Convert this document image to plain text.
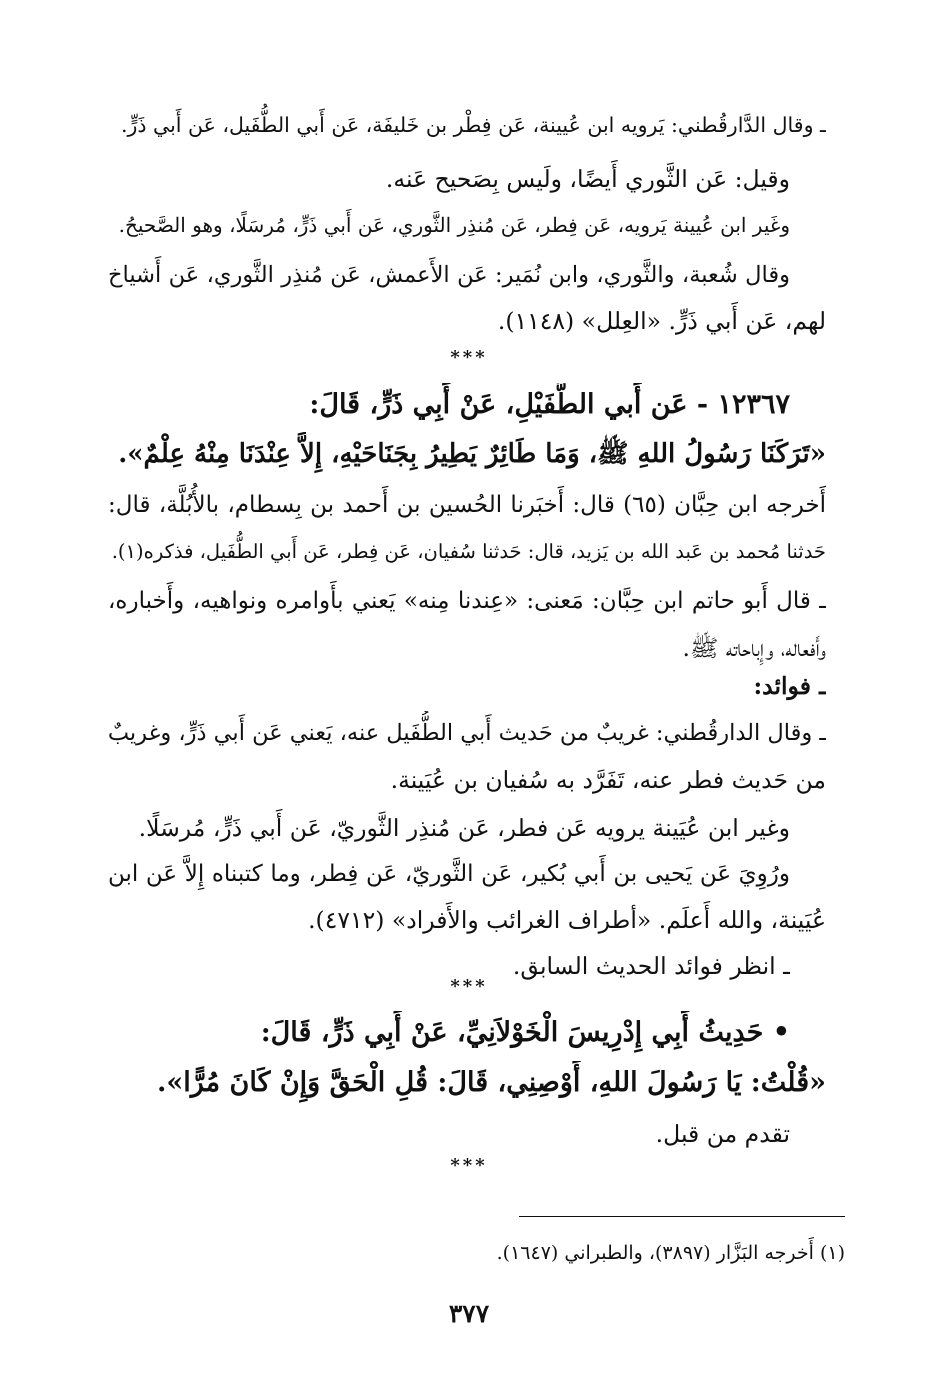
ـ وقال الدَّارقُطني: يَرويه ابن عُيينة، عَن فِطْر بن خَليفَة، عَن أَبي الطُّفَيل، عَن أَبي ذَرٍّ.
وقيل: عَن الثَّوري أَيضًا، ولَيس بِصَحيح عَنه.
وغَير ابن عُيينة يَرويه، عَن فِطر، عَن مُنذِر الثَّوري، عَن أَبي ذَرٍّ، مُرسَلًا، وهو الصَّحيحُ.
وقال شُعبة، والثَّوري، وابن نُمَير: عَن الأَعمش، عَن مُنذِر الثَّوري، عَن أَشياخ
لهم، عَن أَبي ذَرٍّ. «العِلل» (١١٤٨).
***
١٢٣٦٧ - عَن أَبي الطُّفَيْلِ، عَنْ أَبِي ذَرٍّ، قَالَ:
«تَرَكَنَا رَسُولُ اللهِ ﷺ، وَمَا طَائِرٌ يَطِيرُ بِجَنَاحَيْهِ، إِلاَّ عِنْدَنَا مِنْهُ عِلْمٌ».
أَخرجه ابن حِبَّان (٦٥) قال: أَخبَرنا الحُسين بن أَحمد بن بِسطام، بالأُبُلَّة، قال:
حَدثنا مُحمد بن عَبد الله بن يَزيد، قال: حَدثنا سُفيان، عَن فِطر، عَن أَبي الطُّفَيل، فذكره(١).
ـ قال أَبو حاتم ابن حِبَّان: مَعنى: «عِندنا مِنه» يَعني بأَوامره ونواهيه، وأَخباره،
وأَفعاله، وإِباحاته ﷺ.
ـ فوائد:
ـ وقال الدارقُطني: غريبٌ من حَديث أَبي الطُّفَيل عنه، يَعني عَن أَبي ذَرٍّ، وغريبٌ
من حَديث فطر عنه، تَفَرَّد به سُفيان بن عُيَينة.
وغير ابن عُيَينة يرويه عَن فطر، عَن مُنذِر الثَّوريّ، عَن أَبي ذَرٍّ، مُرسَلًا.
ورُوِيَ عَن يَحيى بن أَبي بُكير، عَن الثَّوريّ، عَن فِطر، وما كتبناه إِلاَّ عَن ابن
عُيَينة، والله أَعلَم. «أطراف الغرائب والأَفراد» (٤٧١٢).
ـ انظر فوائد الحديث السابق.
***
• حَدِيثُ أَبِي إِدْرِيسَ الْخَوْلاَنِيِّ، عَنْ أَبِي ذَرٍّ، قَالَ:
«قُلْتُ: يَا رَسُولَ اللهِ، أَوْصِنِي، قَالَ: قُلِ الْحَقَّ وَإِنْ كَانَ مُرًّا».
تقدم من قبل.
***
(١) أَخرجه البَزَّار (٣٨٩٧)، والطبراني (١٦٤٧).
٣٧٧
